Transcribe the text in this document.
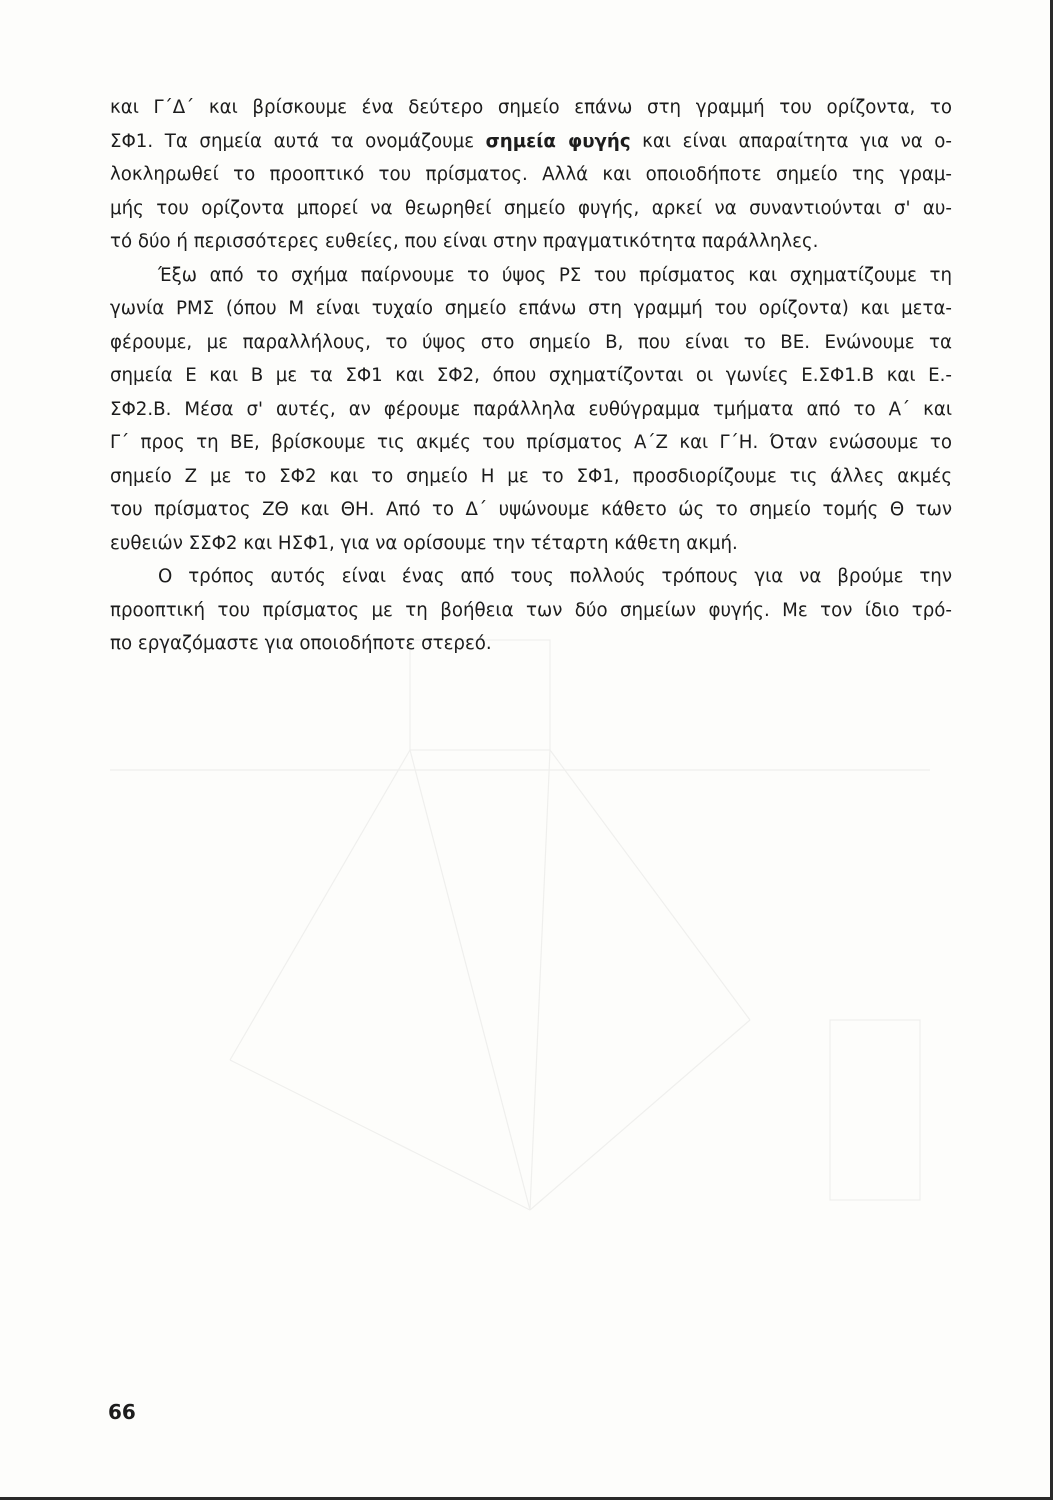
και Γ΄Δ΄ και βρίσκουμε ένα δεύτερο σημείο επάνω στη γραμμή του ορίζοντα, το
ΣΦ1. Τα σημεία αυτά τα ονομάζουμε σημεία φυγής και είναι απαραίτητα για να ο-
λοκληρωθεί το προοπτικό του πρίσματος. Αλλά και οποιοδήποτε σημείο της γραμ-
μής του ορίζοντα μπορεί να θεωρηθεί σημείο φυγής, αρκεί να συναντιούνται σ' αυ-
τό δύο ή περισσότερες ευθείες, που είναι στην πραγματικότητα παράλληλες.
Έξω από το σχήμα παίρνουμε το ύψος ΡΣ του πρίσματος και σχηματίζουμε τη
γωνία ΡΜΣ (όπου Μ είναι τυχαίο σημείο επάνω στη γραμμή του ορίζοντα) και μετα-
φέρουμε, με παραλλήλους, το ύψος στο σημείο Β, που είναι το ΒΕ. Ενώνουμε τα
σημεία Ε και Β με τα ΣΦ1 και ΣΦ2, όπου σχηματίζονται οι γωνίες Ε.ΣΦ1.Β και Ε.-
ΣΦ2.Β. Μέσα σ' αυτές, αν φέρουμε παράλληλα ευθύγραμμα τμήματα από το Α΄ και
Γ΄ προς τη ΒΕ, βρίσκουμε τις ακμές του πρίσματος Α΄Ζ και Γ΄Η. Όταν ενώσουμε το
σημείο Ζ με το ΣΦ2 και το σημείο Η με το ΣΦ1, προσδιορίζουμε τις άλλες ακμές
του πρίσματος ΖΘ και ΘΗ. Από το Δ΄ υψώνουμε κάθετο ώς το σημείο τομής Θ των
ευθειών ΣΣΦ2 και ΗΣΦ1, για να ορίσουμε την τέταρτη κάθετη ακμή.
Ο τρόπος αυτός είναι ένας από τους πολλούς τρόπους για να βρούμε την
προοπτική του πρίσματος με τη βοήθεια των δύο σημείων φυγής. Με τον ίδιο τρό-
πο εργαζόμαστε για οποιοδήποτε στερεό.
66
